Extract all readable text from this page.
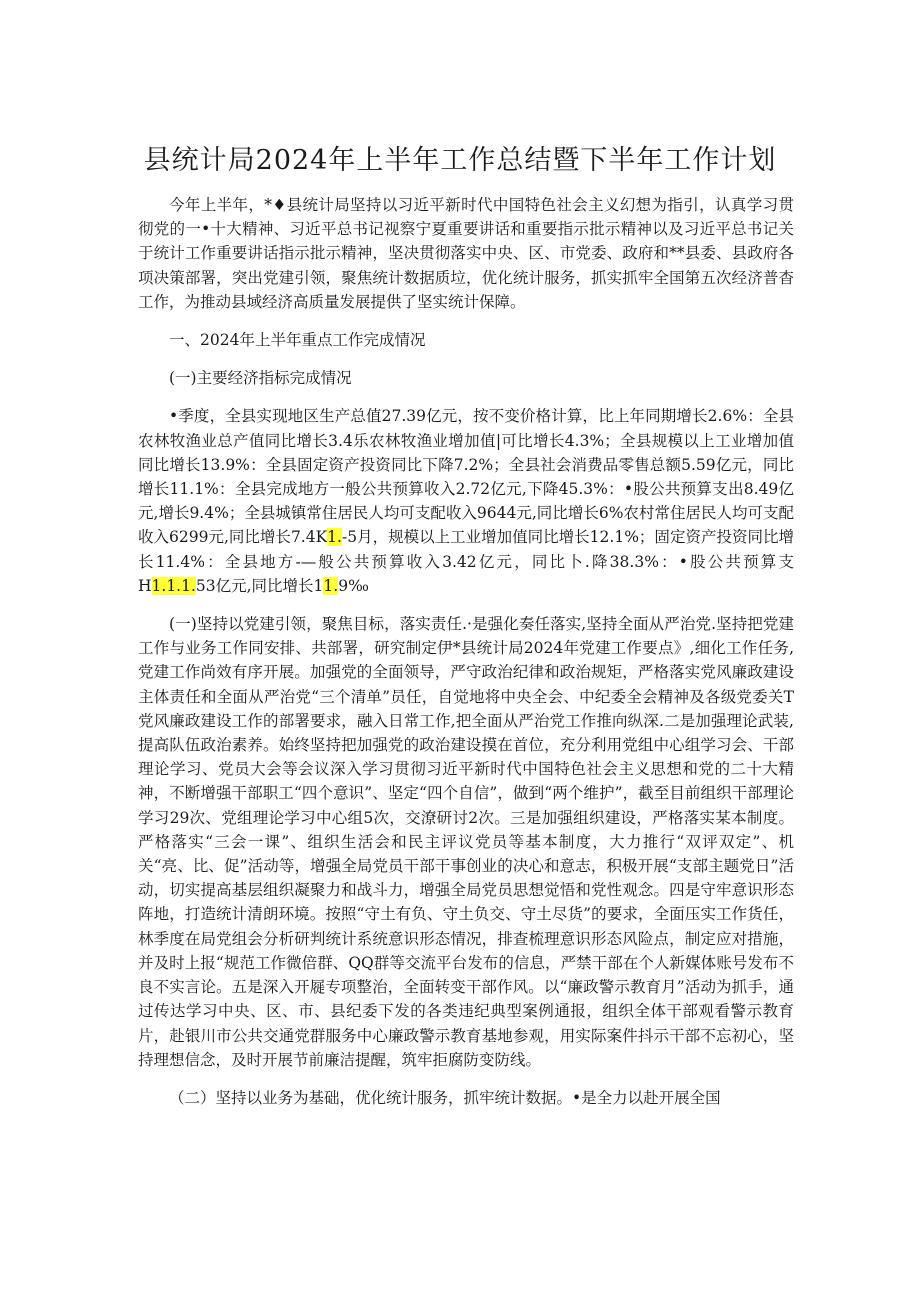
县统计局2024年上半年工作总结暨下半年工作计划

今年上半年，*♦县统计局坚持以习近平新时代中国特色社会主义幻想为指引，认真学习贯彻党的一•十大精神、习近平总书记视察宁夏重要讲话和重要指示批示精神以及习近平总书记关于统计工作重要讲话指示批示精神，坚决贯彻落实中央、区、市党委、政府和**县委、县政府各项决策部署，突出党建引领，聚焦统计数据质垃，优化统计服务，抓实抓牢全国第五次经济普杳工作，为推动县域经济高质量发展提供了坚实统计保障。

一、2024年上半年重点工作完成情况

(一)主要经济指标完成情况

•季度，全县实现地区生产总值27.39亿元，按不变价格计算，比上年同期增长2.6%：全县农林牧渔业总产值同比增长3.4乐农林牧渔业增加值|可比增长4.3%；全县规模以上工业增加值同比增长13.9%：全县固定资产投资同比下降7.2%；全县社会消费品零售总额5.59亿元，同比增长11.1%：全县完成地方一般公共预算收入2.72亿元,下降45.3%：•股公共预算支出8.49亿元,增长9.4%；全县城镇常住居民人均可支配收入9644元,同比增长6%农村常住居民人均可支配收入6299元,同比增长7.4K1.-5月，规模以上工业增加值同比增长12.1%；固定资产投资同比增长11.4%：全县地方-—般公共预算收入3.42亿元，同比卜.降38.3%：•股公共预算支H1.1.1.53亿元,同比增长11.9‰

(一)坚持以党建引领，聚焦目标，落实责任.·是强化奏任落实,坚持全面从严治党.坚持把党建工作与业务工作同安排、共部署，研究制定伊*县统计局2024年党建工作要点》,细化工作任务,党建工作尚效有序开展。加强党的全面领导，严守政治纪律和政治规矩，严格落实党风廉政建设主体责任和全面从严治党“三个清单”员任，自觉地将中央全会、中纪委全会精神及各级党委关T党风廉政建设工作的部署要求，融入日常工作,把全面从严治党工作推向纵深.二是加强理论武装,提高队伍政治素养。始终坚持把加强党的政治建设摸在首位，充分利用党组中心组学习会、干部理论学习、党员大会等会议深入学习贯彻习近平新时代中国特色社会主义思想和党的二十大精神，不断增强干部职工“四个意识”、坚定“四个自信”，做到“两个维护”，截至目前组织干部理论学习29次、党组理论学习中心组5次，交潦研讨2次。三是加强组织建设，严格落实某本制度。严格落实“三会一课”、组织生活会和民主评议党员等基本制度，大力推行“双评双定”、机关“亮、比、促”活动等，增强全局党员干部干事创业的决心和意志，积极开展“支部主题党日”活动，切实提高基层组织凝聚力和战斗力，增强全局党员思想觉悟和党性观念。四是守牢意识形态阵地，打造统计清朗环境。按照“守土有负、守土负交、守土尽货”的要求，全面压实工作货任，林季度在局党组会分析研判统计系统意识形态情况，排查梳理意识形态风险点，制定应对措施，并及时上报“规范工作微倍群、QQ群等交流平台发布的信息，严禁干部在个人新媒体账号发布不良不实言论。五是深入开屣专项整治，全面转变干部作风。以“廉政警示教育月”活动为抓手，通过传达学习中央、区、市、县纪委下发的各类违纪典型案例通报，组织全体干部观看警示教育片，赴银川市公共交通党群服务中心廉政警示教育基地参观，用实际案件抖示干部不忘初心，坚持理想信念，及时开展节前廉洁提醒，筑牢拒腐防变防线。

（二）坚持以业务为基础，优化统计服务，抓牢统计数据。•是全力以赴开展全国
